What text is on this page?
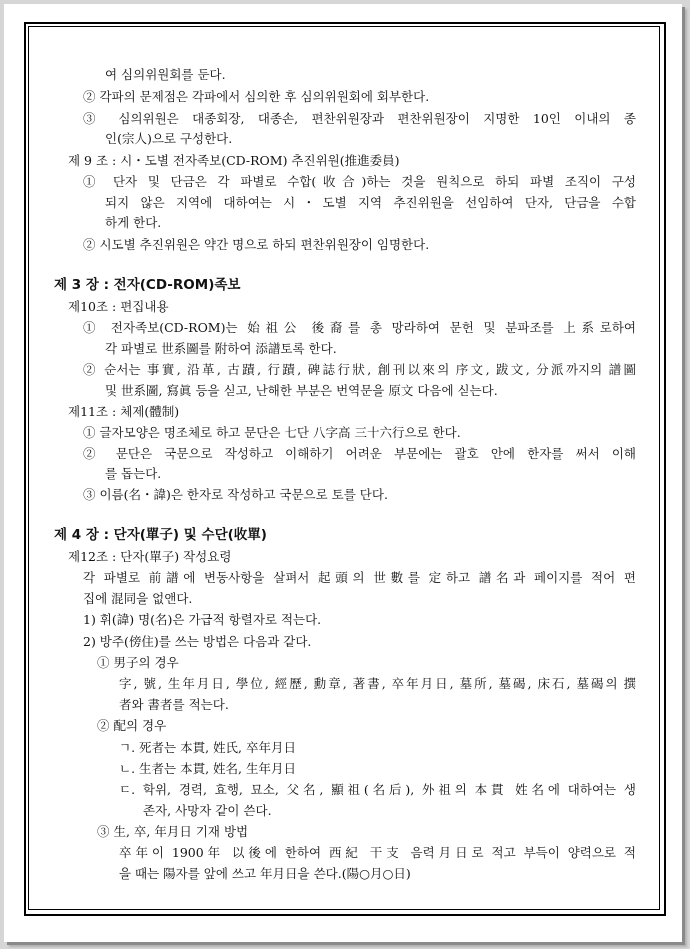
여 심의위원회를 둔다.
② 각파의 문제점은 각파에서 심의한 후 심의위원회에 회부한다.
③ 심의위원은 대종회장, 대종손, 편찬위원장과 편찬위원장이 지명한 10인 이내의 종
인(宗人)으로 구성한다.
제 9 조 : 시・도별 전자족보(CD-ROM) 추진위원(推進委員)
① 단자 및 단금은 각 파별로 수합(收合)하는 것을 원칙으로 하되 파별 조직이 구성
되지 않은 지역에 대하여는 시・도별 지역 추진위원을 선임하여 단자, 단금을 수합
하게 한다.
② 시도별 추진위원은 약간 명으로 하되 편찬위원장이 임명한다.
제 3 장 : 전자(CD-ROM)족보
제10조 : 편집내용
① 전자족보(CD-ROM)는 始祖公 後裔를 총 망라하여 문헌 및 분파조를 上系로하여
각 파별로 世系圖를 附하여 添譜토록 한다.
② 순서는 事實, 沿革, 古蹟, 行蹟, 碑誌行狀, 創刊以來의 序文, 跋文, 分派까지의 譜圖
및 世系圖, 寫眞 등을 싣고, 난해한 부분은 번역문을 原文 다음에 싣는다.
제11조 : 체제(體制)
① 글자모양은 명조체로 하고 문단은 七단 八字高 三十六行으로 한다.
② 문단은 국문으로 작성하고 이해하기 어려운 부문에는 괄호 안에 한자를 써서 이해
를 돕는다.
③ 이름(名・諱)은 한자로 작성하고 국문으로 토를 단다.
제 4 장 : 단자(單子) 및 수단(收單)
제12조 : 단자(單子) 작성요령
각 파별로 前譜에 변동사항을 살펴서 起頭의 世數를 定하고 譜名과 페이지를 적어 편
집에 混同을 없앤다.
1) 휘(諱) 명(名)은 가급적 항렬자로 적는다.
2) 방주(傍住)를 쓰는 방법은 다음과 같다.
① 男子의 경우
字, 號, 生年月日, 學位, 經歷, 勳章, 著書, 卒年月日, 墓所, 墓碣, 床石, 墓碣의 撰
者와 書者를 적는다.
② 配의 경우
ㄱ. 死者는 本貫, 姓氏, 卒年月日
ㄴ. 生者는 本貫, 姓名, 生年月日
ㄷ. 학위, 경력, 효행, 묘소, 父名, 顯祖(名后), 外祖의 本貫 姓名에 대하여는 생
존자, 사망자 같이 쓴다.
③ 生, 卒, 年月日 기재 방법
卒年이 1900年 以後에 한하여 西紀 干支 음력月日로 적고 부득이 양력으로 적
을 때는 陽자를 앞에 쓰고 年月日을 쓴다.(陽○月○日)
